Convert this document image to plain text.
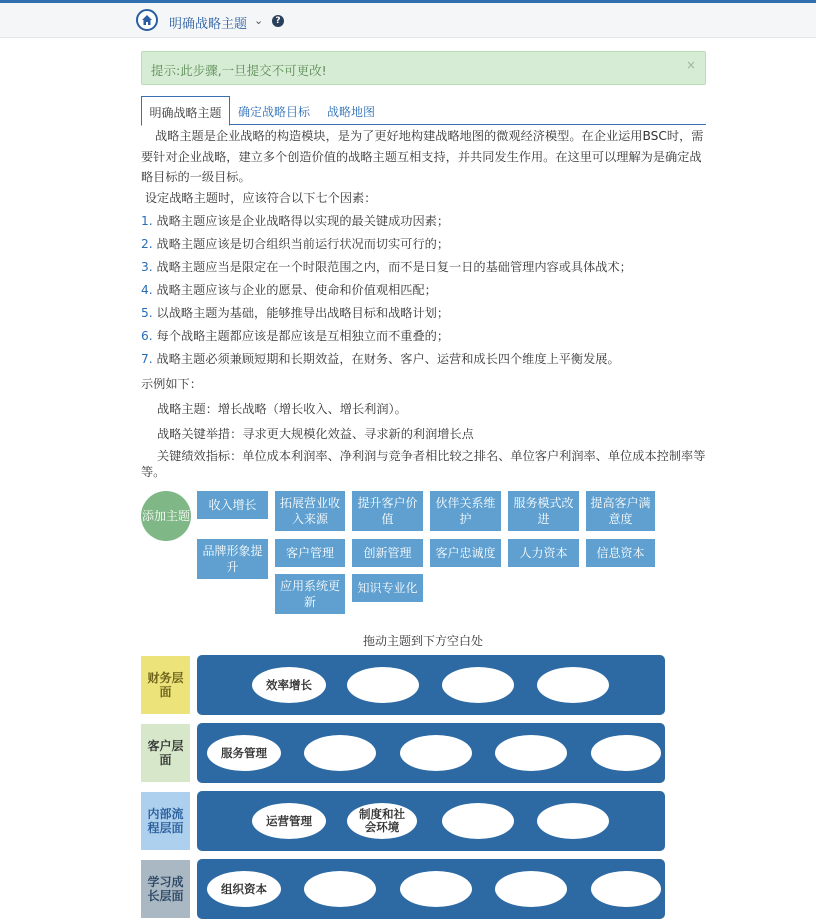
明确战略主题 ⌄	?
提示:此步骤,一旦提交不可更改!	×
明确战略主题	确定战略目标	战略地图

战略主题是企业战略的构造模块，是为了更好地构建战略地图的微观经济模型。在企业运用BSC时，需要针对企业战略，建立多个创造价值的战略主题互相支持，并共同发生作用。在这里可以理解为是确定战略目标的一级目标。

设定战略主题时，应该符合以下七个因素：
1. 战略主题应该是企业战略得以实现的最关键成功因素；
2. 战略主题应该是切合组织当前运行状况而切实可行的；
3. 战略主题应当是限定在一个时限范围之内，而不是日复一日的基础管理内容或具体战术；
4. 战略主题应该与企业的愿景、使命和价值观相匹配；
5. 以战略主题为基础，能够推导出战略目标和战略计划；
6. 每个战略主题都应该是都应该是互相独立而不重叠的；
7. 战略主题必须兼顾短期和长期效益，在财务、客户、运营和成长四个维度上平衡发展。
示例如下：
战略主题：增长战略（增长收入、增长利润）。
战略关键举措：寻求更大规模化效益、寻求新的利润增长点

关键绩效指标：单位成本利润率、净利润与竞争者相比较之排名、单位客户利润率、单位成本控制率等等。

添加主题
收入增长	拓展营业收入来源
提升客户价值
伙伴关系维护
服务模式改进
提高客户满意度
品牌形象提升
客户管理	创新管理	客户忠诚度	人力资本	信息资本
应用系统更新
知识专业化
拖动主题到下方空白处
财务层面
效率增长
客户层面
服务管理
内部流程层面
运营管理	制度和社会环境
学习成长层面
组织资本
